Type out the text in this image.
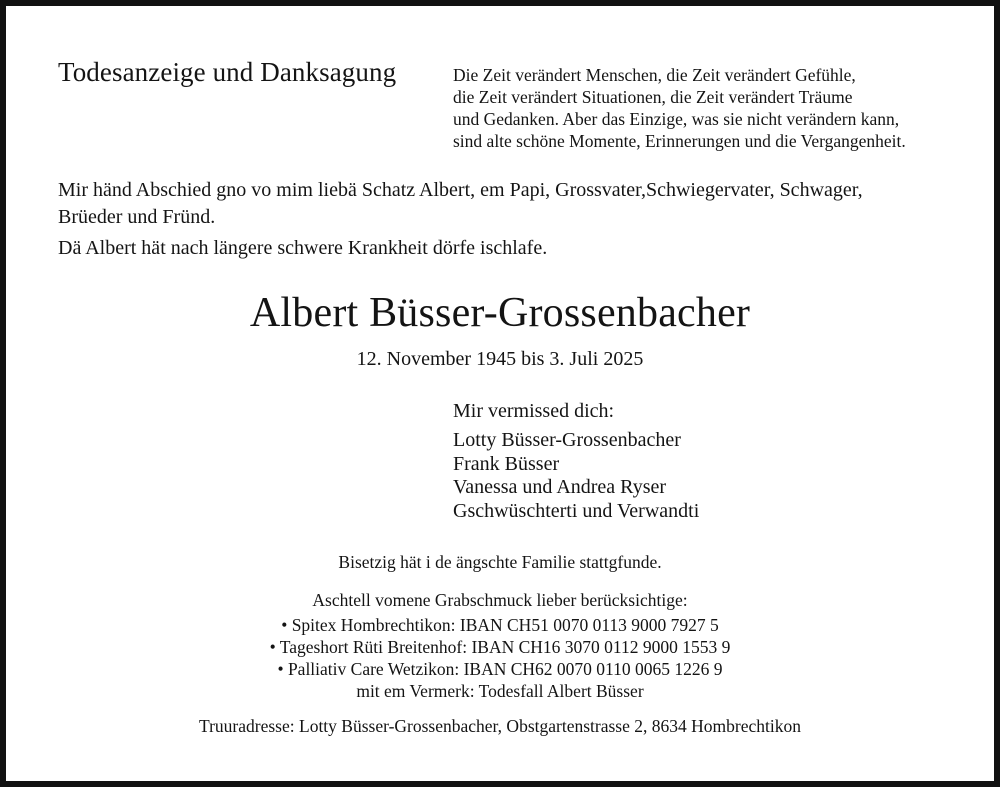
Todesanzeige und Danksagung	Die Zeit verändert Menschen, die Zeit verändert Gefühle,
die Zeit verändert Situationen, die Zeit verändert Träume
und Gedanken. Aber das Einzige, was sie nicht verändern kann,
sind alte schöne Momente, Erinnerungen und die Vergangenheit.
Mir händ Abschied gno vo mim liebä Schatz Albert, em Papi, Grossvater,Schwiegervater, Schwager,
Brüeder und Fründ.
Dä Albert hät nach längere schwere Krankheit dörfe ischlafe.
Albert Büsser-Grossenbacher
12. November 1945 bis 3. Juli 2025
Mir vermissed dich:
Lotty Büsser-Grossenbacher
Frank Büsser
Vanessa und Andrea Ryser
Gschwüschterti und Verwandti
Bisetzig hät i de ängschte Familie stattgfunde.
Aschtell vomene Grabschmuck lieber berücksichtige:
• Spitex Hombrechtikon: IBAN CH51 0070 0113 9000 7927 5
• Tageshort Rüti Breitenhof: IBAN CH16 3070 0112 9000 1553 9
• Palliativ Care Wetzikon: IBAN CH62 0070 0110 0065 1226 9
mit em Vermerk: Todesfall Albert Büsser
Truuradresse: Lotty Büsser-Grossenbacher, Obstgartenstrasse 2, 8634 Hombrechtikon
